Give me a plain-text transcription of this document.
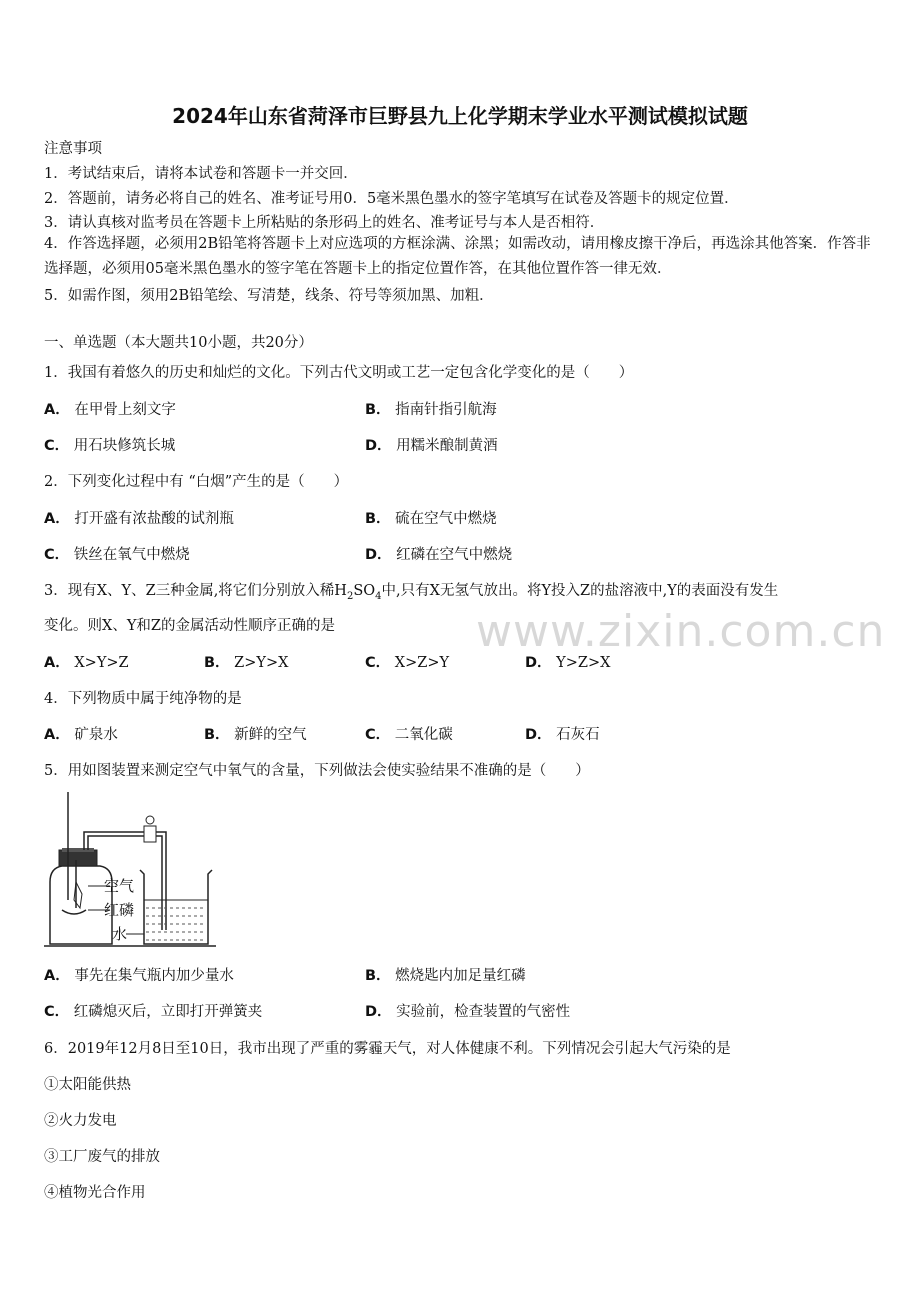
2024年山东省菏泽市巨野县九上化学期末学业水平测试模拟试题
注意事项
1．考试结束后，请将本试卷和答题卡一并交回．
2．答题前，请务必将自己的姓名、准考证号用0．5毫米黑色墨水的签字笔填写在试卷及答题卡的规定位置．
3．请认真核对监考员在答题卡上所粘贴的条形码上的姓名、准考证号与本人是否相符．
4．作答选择题，必须用2B铅笔将答题卡上对应选项的方框涂满、涂黑；如需改动，请用橡皮擦干净后，再选涂其他答案．作答非选择题，必须用05毫米黑色墨水的签字笔在答题卡上的指定位置作答，在其他位置作答一律无效．
5．如需作图，须用2B铅笔绘、写清楚，线条、符号等须加黑、加粗．
一、单选题（本大题共10小题，共20分）
1．我国有着悠久的历史和灿烂的文化。下列古代文明或工艺一定包含化学变化的是（　　）
A． 在甲骨上刻文字	B． 指南针指引航海
C． 用石块修筑长城	D． 用糯米酿制黄酒
2．下列变化过程中有 “白烟”产生的是（　　）
A． 打开盛有浓盐酸的试剂瓶	B． 硫在空气中燃烧
C． 铁丝在氧气中燃烧	D． 红磷在空气中燃烧
3．现有X、Y、Z三种金属,将它们分别放入稀$H_2SO_4$中,只有X无氢气放出。将Y投入Z的盐溶液中,Y的表面没有发生
变化。则X、Y和Z的金属活动性顺序正确的是
A． X>Y>Z	B． Z>Y>X	C． X>Z>Y	D． Y>Z>X
4．下列物质中属于纯净物的是
A． 矿泉水	B． 新鲜的空气	C． 二氧化碳	D． 石灰石
5．用如图装置来测定空气中氧气的含量，下列做法会使实验结果不准确的是（　　）
空气
红磷
水
A． 事先在集气瓶内加少量水	B． 燃烧匙内加足量红磷
C． 红磷熄灭后，立即打开弹簧夹	D． 实验前，检查装置的气密性
6．2019年12月8日至10日，我市出现了严重的雾霾天气，对人体健康不利。下列情况会引起大气污染的是
①太阳能供热
②火力发电
③工厂废气的排放
④植物光合作用
www.zixin.com.cn
